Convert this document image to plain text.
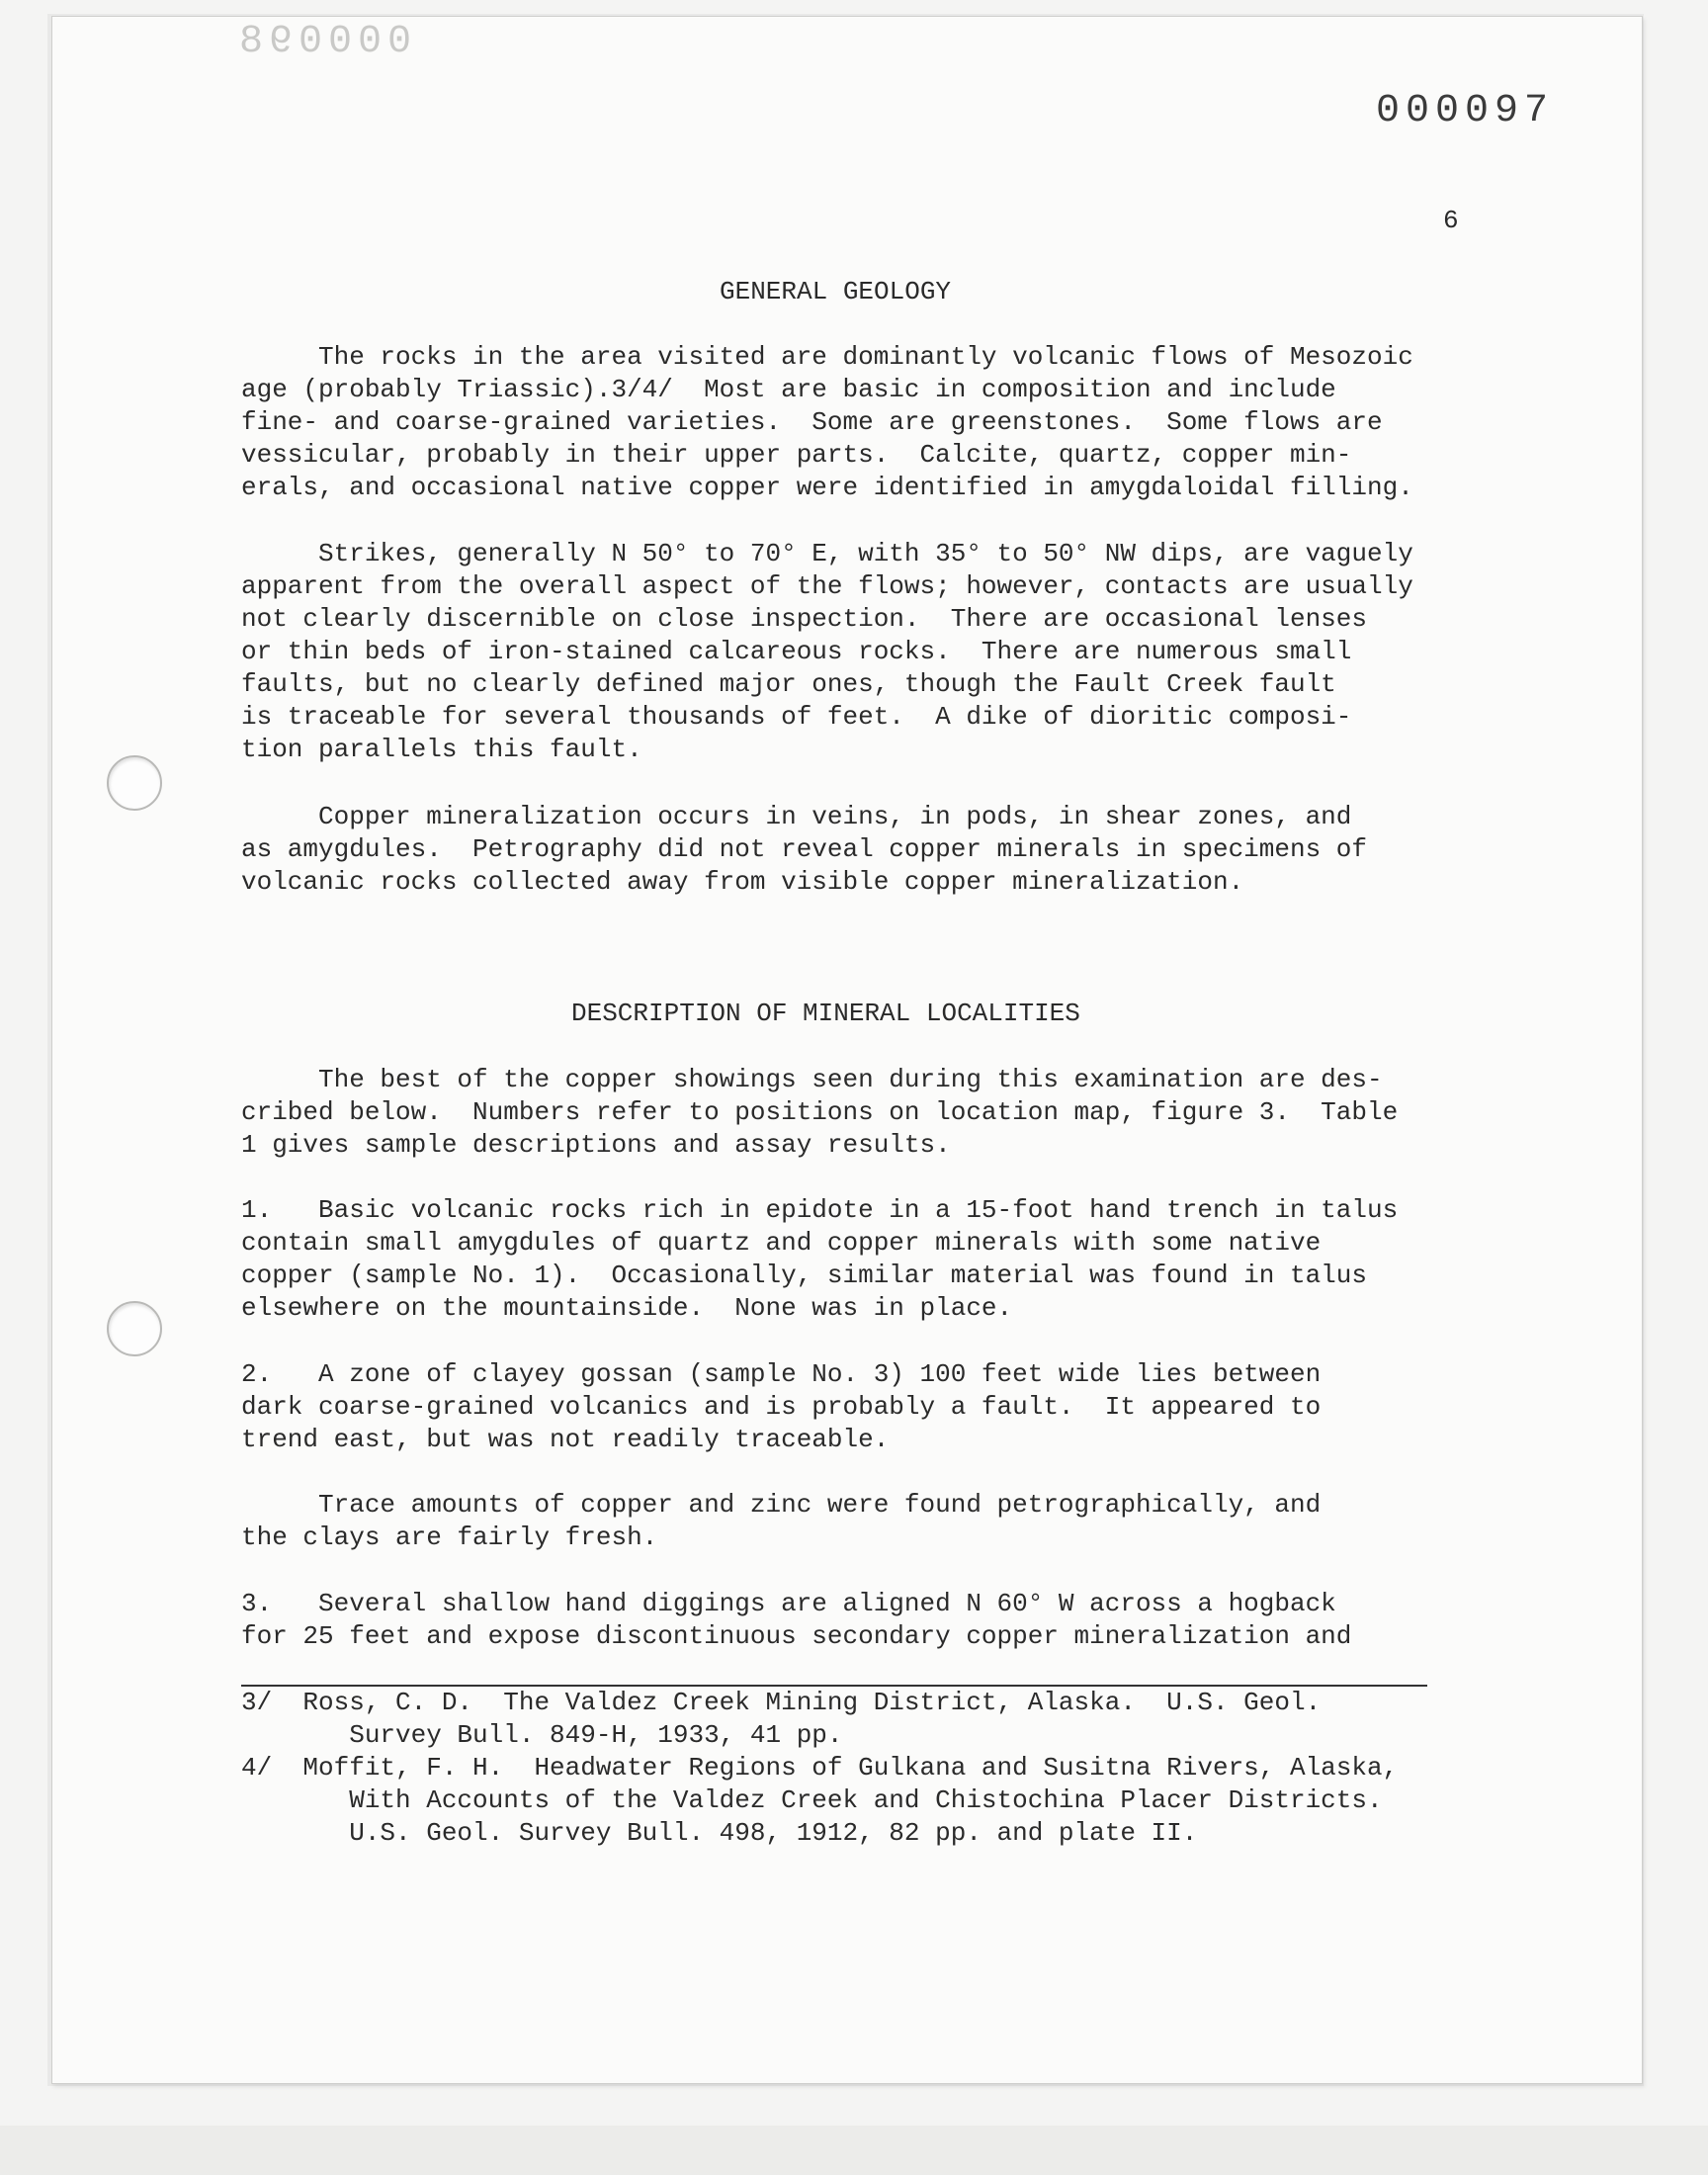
000098
000097
6
GENERAL GEOLOGY
The rocks in the area visited are dominantly volcanic flows of Mesozoic
age (probably Triassic).3/4/  Most are basic in composition and include
fine- and coarse-grained varieties.  Some are greenstones.  Some flows are
vessicular, probably in their upper parts.  Calcite, quartz, copper min-
erals, and occasional native copper were identified in amygdaloidal filling.
Strikes, generally N 50° to 70° E, with 35° to 50° NW dips, are vaguely
apparent from the overall aspect of the flows; however, contacts are usually
not clearly discernible on close inspection.  There are occasional lenses
or thin beds of iron-stained calcareous rocks.  There are numerous small
faults, but no clearly defined major ones, though the Fault Creek fault
is traceable for several thousands of feet.  A dike of dioritic composi-
tion parallels this fault.
Copper mineralization occurs in veins, in pods, in shear zones, and
as amygdules.  Petrography did not reveal copper minerals in specimens of
volcanic rocks collected away from visible copper mineralization.
DESCRIPTION OF MINERAL LOCALITIES
The best of the copper showings seen during this examination are des-
cribed below.  Numbers refer to positions on location map, figure 3.  Table
1 gives sample descriptions and assay results.
1.   Basic volcanic rocks rich in epidote in a 15-foot hand trench in talus
contain small amygdules of quartz and copper minerals with some native
copper (sample No. 1).  Occasionally, similar material was found in talus
elsewhere on the mountainside.  None was in place.
2.   A zone of clayey gossan (sample No. 3) 100 feet wide lies between
dark coarse-grained volcanics and is probably a fault.  It appeared to
trend east, but was not readily traceable.
Trace amounts of copper and zinc were found petrographically, and
the clays are fairly fresh.
3.   Several shallow hand diggings are aligned N 60° W across a hogback
for 25 feet and expose discontinuous secondary copper mineralization and
3/  Ross, C. D.  The Valdez Creek Mining District, Alaska.  U.S. Geol.
Survey Bull. 849-H, 1933, 41 pp.
4/  Moffit, F. H.  Headwater Regions of Gulkana and Susitna Rivers, Alaska,
With Accounts of the Valdez Creek and Chistochina Placer Districts.
U.S. Geol. Survey Bull. 498, 1912, 82 pp. and plate II.
